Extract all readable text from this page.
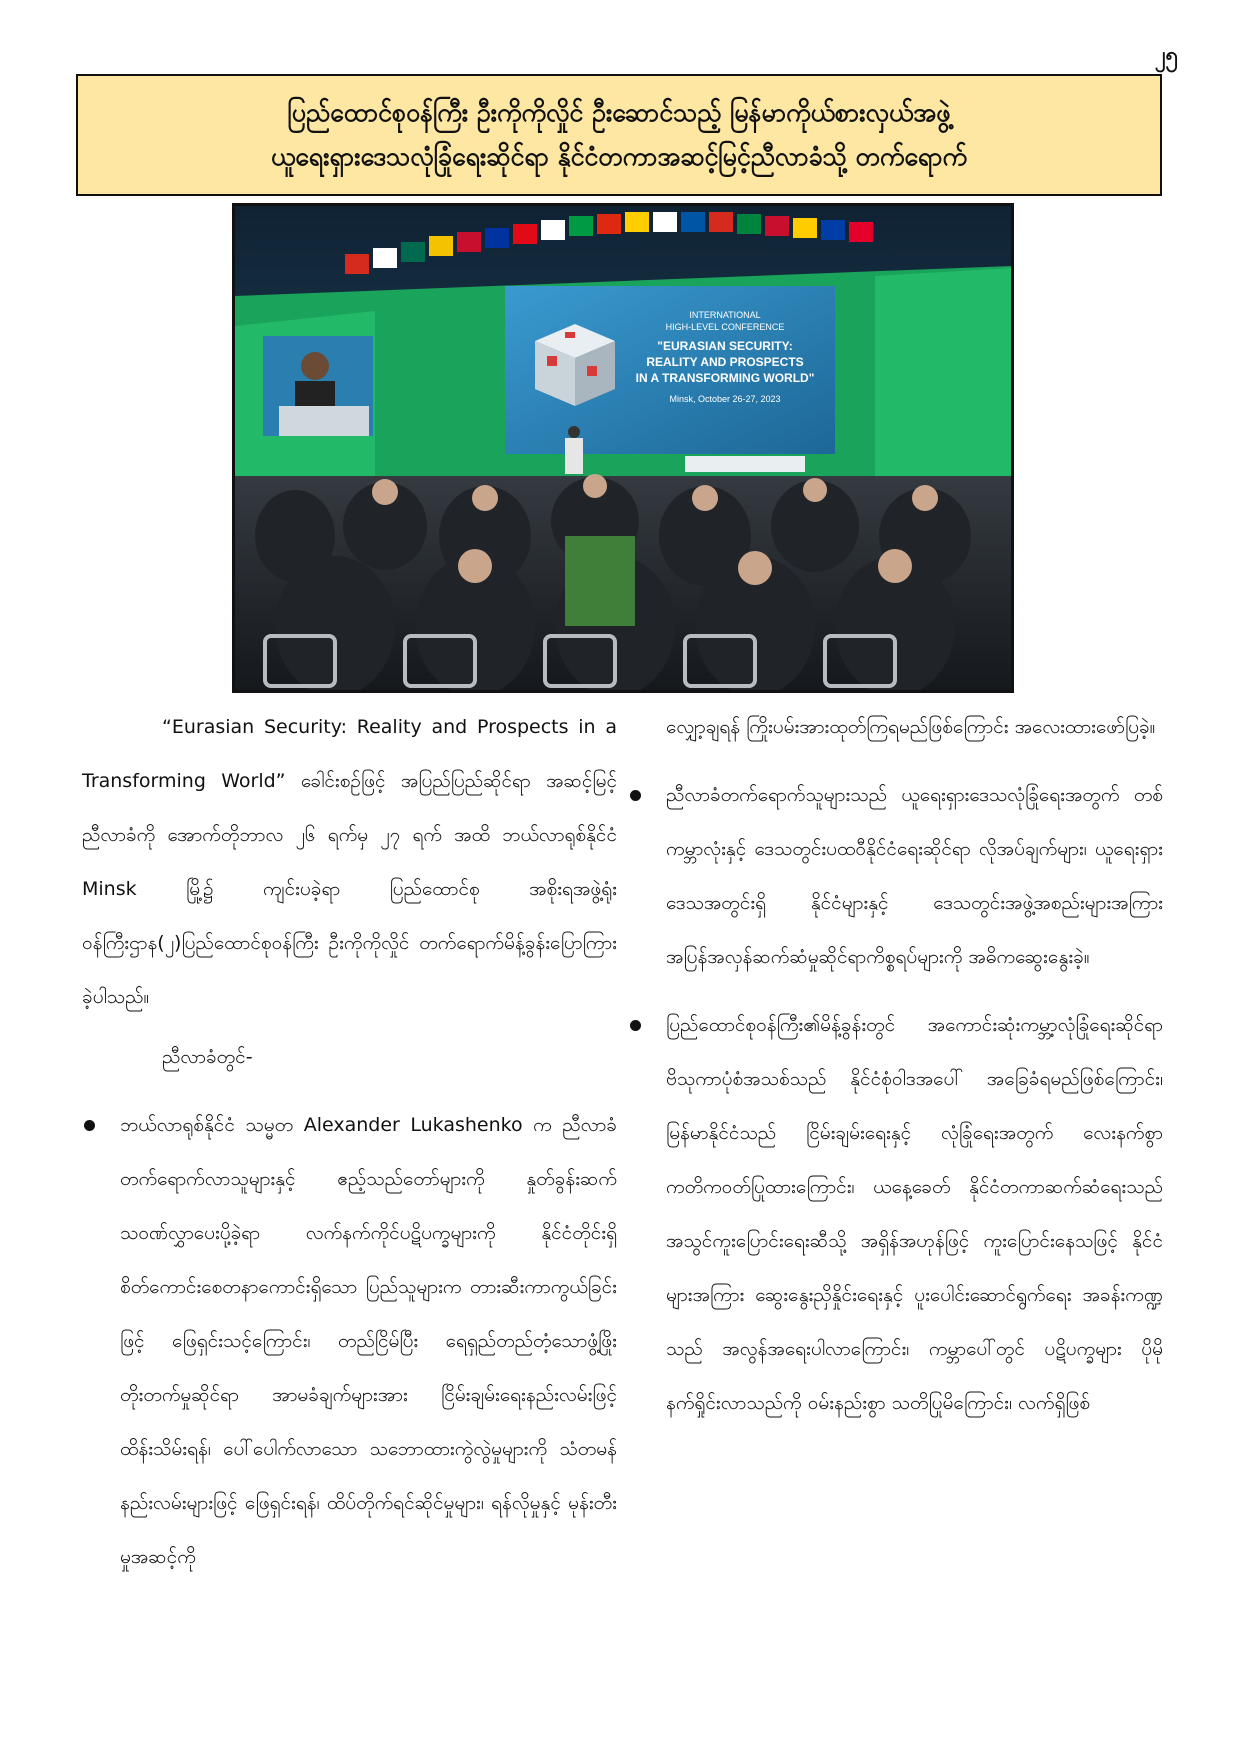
၂၅
ပြည်ထောင်စုဝန်ကြီး ဦးကိုကိုလှိုင် ဦးဆောင်သည့် မြန်မာကိုယ်စားလှယ်အဖွဲ့
ယူရေးရှားဒေသလုံခြုံရေးဆိုင်ရာ နိုင်ငံတကာအဆင့်မြင့်ညီလာခံသို့ တက်ရောက်
INTERNATIONAL
HIGH-LEVEL CONFERENCE
"EURASIAN SECURITY:
REALITY AND PROSPECTS
IN A TRANSFORMING WORLD"
Minsk, October 26-27, 2023

“Eurasian Security: Reality and Prospects in a Transforming World” ခေါင်းစဉ်ဖြင့် အပြည်ပြည်ဆိုင်ရာ အဆင့်မြင့်ညီလာခံကို အောက်တိုဘာလ ၂၆ ရက်မှ ၂၇ ရက် အထိ ဘယ်လာရုစ်နိုင်ငံ Minsk မြို့၌ ကျင်းပခဲ့ရာ ပြည်ထောင်စု အစိုးရအဖွဲ့ရုံးဝန်ကြီးဌာန(၂)ပြည်ထောင်စုဝန်ကြီး ဦးကိုကိုလှိုင် တက်ရောက်မိန့်ခွန်းပြောကြားခဲ့ပါသည်။

ညီလာခံတွင်-

ဘယ်လာရုစ်နိုင်ငံ သမ္မတ Alexander Lukashenko က ညီလာခံတက်ရောက်လာသူများနှင့် ဧည့်သည်တော်များကို နှုတ်ခွန်းဆက်သဝဏ်လွှာပေးပို့ခဲ့ရာ လက်နက်ကိုင်ပဋိပက္ခများကို နိုင်ငံတိုင်းရှိ စိတ်ကောင်းစေတနာကောင်းရှိသော ပြည်သူများက တားဆီးကာကွယ်ခြင်းဖြင့် ဖြေရှင်းသင့်ကြောင်း၊ တည်ငြိမ်ပြီး ရေရှည်တည်တံ့သောဖွံ့ဖြိုးတိုးတက်မှုဆိုင်ရာ အာမခံချက်များအား ငြိမ်းချမ်းရေးနည်းလမ်းဖြင့် ထိန်းသိမ်းရန်၊ ပေါ်ပေါက်လာသော သဘောထားကွဲလွဲမှုများကို သံတမန်နည်းလမ်းများဖြင့် ဖြေရှင်းရန်၊ ထိပ်တိုက်ရင်ဆိုင်မှုများ၊ ရန်လိုမှုနှင့် မုန်းတီးမှုအဆင့်ကို

လျှော့ချရန် ကြိုးပမ်းအားထုတ်ကြရမည်ဖြစ်ကြောင်း အလေးထားဖော်ပြခဲ့။

ညီလာခံတက်ရောက်သူများသည် ယူရေးရှားဒေသလုံခြုံရေးအတွက် တစ်ကမ္ဘာလုံးနှင့် ဒေသတွင်းပထဝီနိုင်ငံရေးဆိုင်ရာ လိုအပ်ချက်များ၊ ယူရေးရှားဒေသအတွင်းရှိ နိုင်ငံများနှင့် ဒေသတွင်းအဖွဲ့အစည်းများအကြား အပြန်အလှန်ဆက်ဆံမှုဆိုင်ရာကိစ္စရပ်များကို အဓိကဆွေးနွေးခဲ့။
ပြည်ထောင်စုဝန်ကြီး၏မိန့်ခွန်းတွင် အကောင်းဆုံးကမ္ဘာ့လုံခြုံရေးဆိုင်ရာ ဗိသုကာပုံစံအသစ်သည် နိုင်ငံစုံဝါဒအပေါ် အခြေခံရမည်ဖြစ်ကြောင်း၊ မြန်မာနိုင်ငံသည် ငြိမ်းချမ်းရေးနှင့် လုံခြုံရေးအတွက် လေးနက်စွာ ကတိကဝတ်ပြုထားကြောင်း၊ ယနေ့ခေတ် နိုင်ငံတကာဆက်ဆံရေးသည် အသွင်ကူးပြောင်းရေးဆီသို့ အရှိန်အဟုန်ဖြင့် ကူးပြောင်းနေသဖြင့် နိုင်ငံများအကြား ဆွေးနွေးညှိနှိုင်းရေးနှင့် ပူးပေါင်းဆောင်ရွက်ရေး အခန်းကဏ္ဍသည် အလွန်အရေးပါလာကြောင်း၊ ကမ္ဘာပေါ်တွင် ပဋိပက္ခများ ပိုမိုနက်ရှိုင်းလာသည်ကို ဝမ်းနည်းစွာ သတိပြုမိကြောင်း၊ လက်ရှိဖြစ်
